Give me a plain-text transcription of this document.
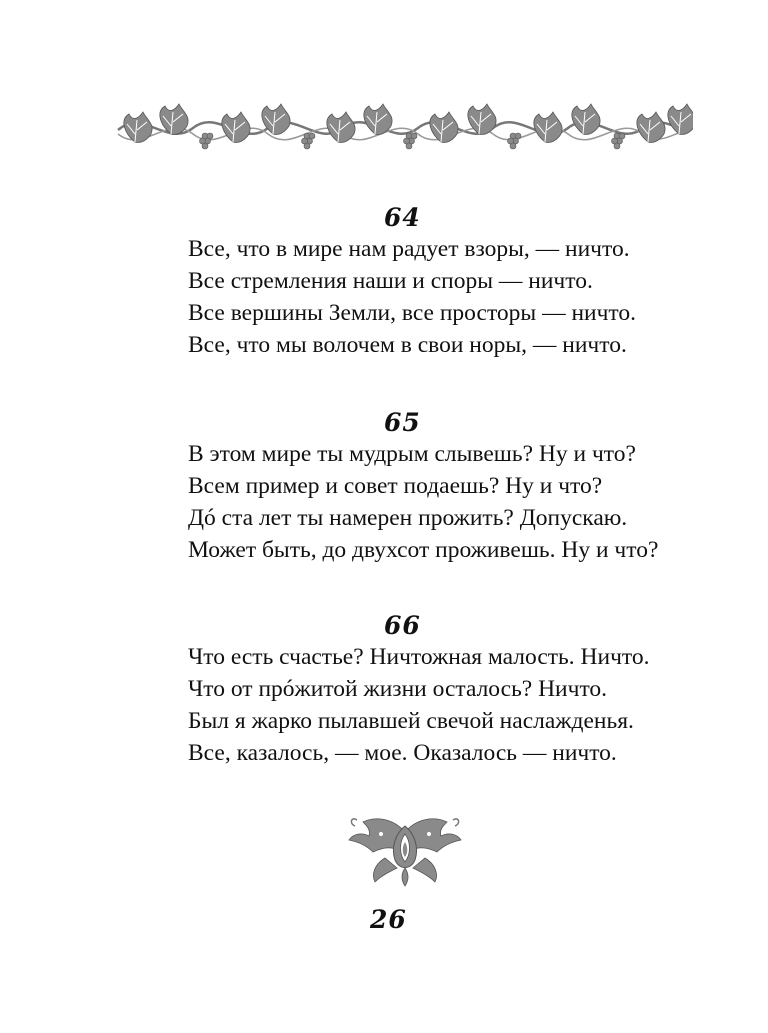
64
Все, что в мире нам радует взоры, — ничто.
Все стремления наши и споры — ничто.
Все вершины Земли, все просторы — ничто.
Все, что мы волочем в свои норы, — ничто.
65
В этом мире ты мудрым слывешь? Ну и что?
Всем пример и совет подаешь? Ну и что?
Дó ста лет ты намерен прожить? Допускаю.
Может быть, до двухсот проживешь. Ну и что?
66
Что есть счастье? Ничтожная малость. Ничто.
Что от прóжитой жизни осталось? Ничто.
Был я жарко пылавшей свечой наслажденья.
Все, казалось, — мое. Оказалось — ничто.
26
